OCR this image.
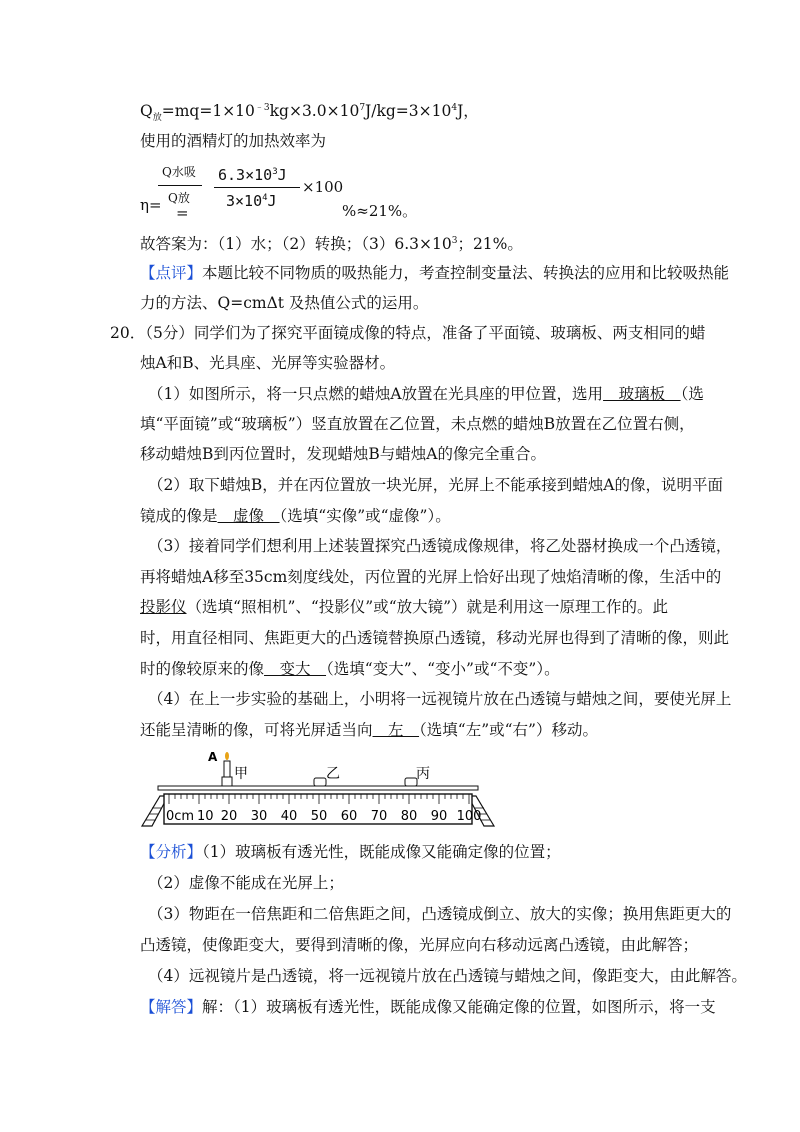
$Q_放=mq=1\times 10^{﹣3}kg\times 3.0\times 10^7J/kg=3\times 10^4J$，
使用的酒精灯的加热效率为
η=
Q水吸
Q放
=
$6.3\times 10^3J$
$3\times 10^4J$
×100
%≈21%。
故答案为：（1）水；（2）转换；$(3)6.3\times 10^3$；21%。
【点评】本题比较不同物质的吸热能力，考查控制变量法、转换法的应用和比较吸热能
力的方法、Q=cmΔt 及热值公式的运用。
20．（5分）同学们为了探究平面镜成像的特点，准备了平面镜、玻璃板、两支相同的蜡
烛A和B、光具座、光屏等实验器材。
（1）如图所示，将一只点燃的蜡烛A放置在光具座的甲位置，选用　玻璃板　（选
填“平面镜”或“玻璃板”）竖直放置在乙位置，未点燃的蜡烛B放置在乙位置右侧，
移动蜡烛B到丙位置时，发现蜡烛B与蜡烛A的像完全重合。
（2）取下蜡烛B，并在丙位置放一块光屏，光屏上不能承接到蜡烛A的像，说明平面
镜成的像是　虚像　（选填“实像”或“虚像”）。
（3）接着同学们想利用上述装置探究凸透镜成像规律，将乙处器材换成一个凸透镜，
再将蜡烛A移至35cm刻度线处，丙位置的光屏上恰好出现了烛焰清晰的像，生活中的
投影仪（选填“照相机”、“投影仪”或“放大镜”）就是利用这一原理工作的。此
时，用直径相同、焦距更大的凸透镜替换原凸透镜，移动光屏也得到了清晰的像，则此
时的像较原来的像　变大　（选填“变大”、“变小”或“不变”）。
（4）在上一步实验的基础上，小明将一远视镜片放在凸透镜与蜡烛之间，要使光屏上
还能呈清晰的像，可将光屏适当向　左　（选填“左”或“右”）移动。
10 20 30 40 50 60 70 80 90 100
0cm
A
甲	乙	丙
【分析】（1）玻璃板有透光性，既能成像又能确定像的位置；
（2）虚像不能成在光屏上；
（3）物距在一倍焦距和二倍焦距之间，凸透镜成倒立、放大的实像；换用焦距更大的
凸透镜，使像距变大，要得到清晰的像，光屏应向右移动远离凸透镜，由此解答；
（4）远视镜片是凸透镜，将一远视镜片放在凸透镜与蜡烛之间，像距变大，由此解答。
【解答】解：（1）玻璃板有透光性，既能成像又能确定像的位置，如图所示，将一支
